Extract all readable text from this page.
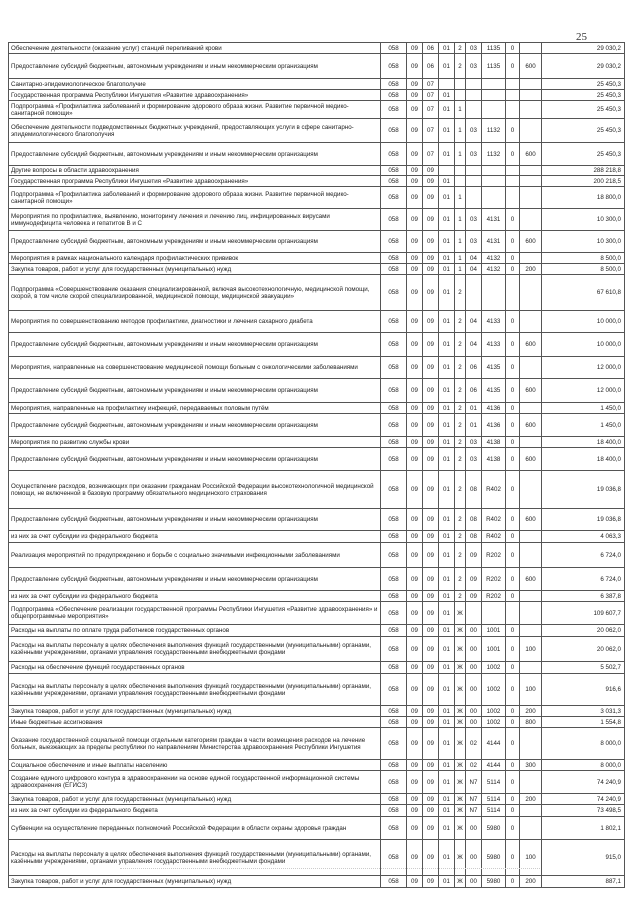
25
Обеспечение деятельности (оказание услуг) станций переливаний крови	058	09	06	01	2	03	1135	0		29 030,2
Предоставление субсидий бюджетным, автономным учреждениям и иным некоммерческим организациям	058	09	06	01	2	03	1135	0	600	29 030,2
Санитарно-эпидемиологическое благополучие	058	09	07							25 450,3
Государственная программа Республики Ингушетия «Развитие здравоохранения»	058	09	07	01						25 450,3
Подпрограмма «Профилактика заболеваний и формирование здорового образа жизни. Развитие первичной медико-санитарной помощи»	058	09	07	01	1					25 450,3
Обеспечение деятельности подведомственных бюджетных учреждений, предоставляющих услуги в сфере санитарно-эпидемиологического благополучия	058	09	07	01	1	03	1132	0		25 450,3
Предоставление субсидий бюджетным, автономным учреждениям и иным некоммерческим организациям	058	09	07	01	1	03	1132	0	600	25 450,3
Другие вопросы в области здравоохранения	058	09	09							288 218,8
Государственная программа Республики Ингушетия «Развитие здравоохранения»	058	09	09	01						200 218,5
Подпрограмма «Профилактика заболеваний и формирование здорового образа жизни. Развитие первичной медико-санитарной помощи»	058	09	09	01	1					18 800,0
Мероприятия по профилактике, выявлению, мониторингу лечения и лечению лиц, инфицированных вирусами иммунодефицита человека и гепатитов В и С	058	09	09	01	1	03	4131	0		10 300,0
Предоставление субсидий бюджетным, автономным учреждениям и иным некоммерческим организациям	058	09	09	01	1	03	4131	0	600	10 300,0
Мероприятия в рамках национального календаря профилактических прививок	058	09	09	01	1	04	4132	0		8 500,0
Закупка товаров, работ и услуг для государственных (муниципальных) нужд	058	09	09	01	1	04	4132	0	200	8 500,0
Подпрограмма «Совершенствование оказания специализированной, включая высокотехнологичную, медицинской помощи, скорой, в том числе скорой специализированной, медицинской помощи, медицинской эвакуации»	058	09	09	01	2					67 610,8
Мероприятия по совершенствованию методов профилактики, диагностики и лечения сахарного диабета	058	09	09	01	2	04	4133	0		10 000,0
Предоставление субсидий бюджетным, автономным учреждениям и иным некоммерческим организациям	058	09	09	01	2	04	4133	0	600	10 000,0
Мероприятия, направленные на совершенствование медицинской помощи больным с онкологическими заболеваниями	058	09	09	01	2	06	4135	0		12 000,0
Предоставление субсидий бюджетным, автономным учреждениям и иным некоммерческим организациям	058	09	09	01	2	06	4135	0	600	12 000,0
Мероприятия, направленные на профилактику инфекций, передаваемых половым путём	058	09	09	01	2	01	4136	0		1 450,0
Предоставление субсидий бюджетным, автономным учреждениям и иным некоммерческим организациям	058	09	09	01	2	01	4136	0	600	1 450,0
Мероприятия по развитию службы крови	058	09	09	01	2	03	4138	0		18 400,0
Предоставление субсидий бюджетным, автономным учреждениям и иным некоммерческим организациям	058	09	09	01	2	03	4138	0	600	18 400,0
Осуществление расходов, возникающих при оказании гражданам Российской Федерации высокотехнологичной медицинской помощи, не включенной в базовую программу обязательного медицинского страхования	058	09	09	01	2	08	R402	0		19 036,8
Предоставление субсидий бюджетным, автономным учреждениям и иным некоммерческим организациям	058	09	09	01	2	08	R402	0	600	19 036,8
из них за счет субсидии из федерального бюджета	058	09	09	01	2	08	R402	0		4 063,3
Реализация мероприятий по предупреждению и борьбе с социально значимыми инфекционными заболеваниями	058	09	09	01	2	09	R202	0		6 724,0
Предоставление субсидий бюджетным, автономным учреждениям и иным некоммерческим организациям	058	09	09	01	2	09	R202	0	600	6 724,0
из них за счет субсидии из федерального бюджета	058	09	09	01	2	09	R202	0		6 387,8
Подпрограмма «Обеспечение реализации государственной программы Республики Ингушетия «Развитие здравоохранения» и общепрограммные мероприятия»	058	09	09	01	Ж					109 607,7
Расходы на выплаты по оплате труда работников государственных органов	058	09	09	01	Ж	00	1001	0		20 062,0
Расходы на выплаты персоналу в целях обеспечения выполнения функций государственными (муниципальными) органами, казёнными учреждениями, органами управления государственными внебюджетными фондами	058	09	09	01	Ж	00	1001	0	100	20 062,0
Расходы на обеспечение функций государственных органов	058	09	09	01	Ж	00	1002	0		5 502,7
Расходы на выплаты персоналу в целях обеспечения выполнения функций государственными (муниципальными) органами, казёнными учреждениями, органами управления государственными внебюджетными фондами	058	09	09	01	Ж	00	1002	0	100	916,6
Закупка товаров, работ и услуг для государственных (муниципальных) нужд	058	09	09	01	Ж	00	1002	0	200	3 031,3
Иные бюджетные ассигнования	058	09	09	01	Ж	00	1002	0	800	1 554,8
Оказание государственной социальной помощи отдельным категориям граждан в части возмещения расходов на лечение больных, выезжающих за пределы республики по направлениям Министерства здравоохранения Республики Ингушетия	058	09	09	01	Ж	02	4144	0		8 000,0
Социальное обеспечение и иные выплаты населению	058	09	09	01	Ж	02	4144	0	300	8 000,0
Создание единого цифрового контура в здравоохранении на основе единой государственной информационной системы здравоохранения (ЕГИСЗ)	058	09	09	01	Ж	N7	5114	0		74 240,9
Закупка товаров, работ и услуг для государственных (муниципальных) нужд	058	09	09	01	Ж	N7	5114	0	200	74 240,9
из них за счет субсидии из федерального бюджета	058	09	09	01	Ж	N7	5114	0		73 498,5
Субвенции на осуществление переданных полномочий Российской Федерации в области охраны здоровья граждан	058	09	09	01	Ж	00	5980	0		1 802,1
Расходы на выплаты персоналу в целях обеспечения выполнения функций государственными (муниципальными) органами, казёнными учреждениями, органами управления государственными внебюджетными фондами	058	09	09	01	Ж	00	5980	0	100	915,0
Закупка товаров, работ и услуг для государственных (муниципальных) нужд	058	09	09	01	Ж	00	5980	0	200	887,1
